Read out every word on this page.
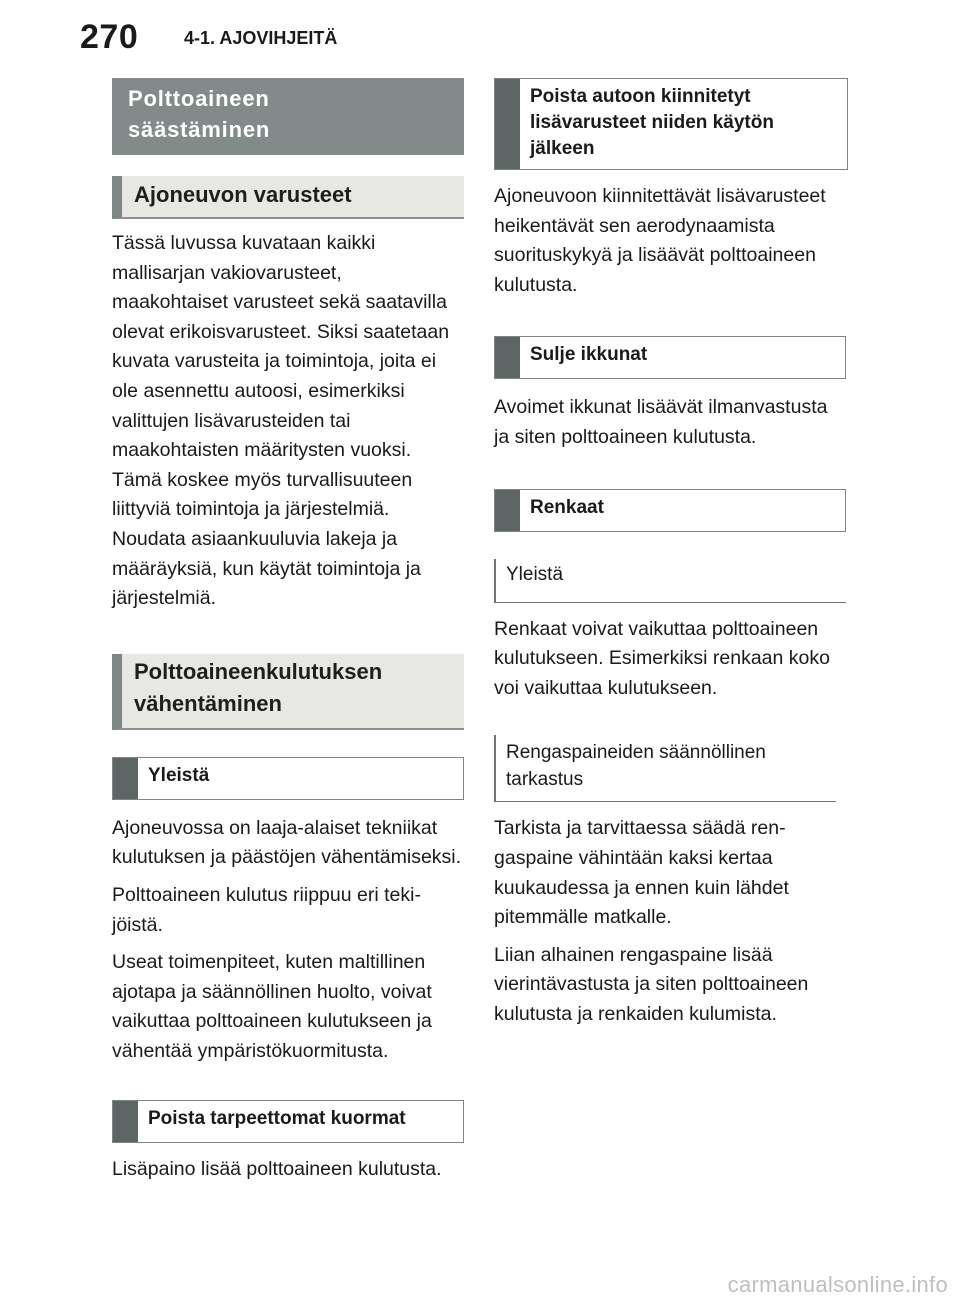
270	4-1. AJOVIHJEITÄ
Polttoaineen
säästäminen
Ajoneuvon varusteet

Tässä luvussa kuvataan kaikki mallisarjan vakiovarusteet, maakohtaiset varusteet sekä saatavilla olevat erikoisvarusteet. Siksi saatetaan kuvata varusteita ja toimintoja, joita ei ole asennettu autoosi, esimerkiksi valittujen lisävarusteiden tai maakohtaisten määritysten vuoksi. Tämä koskee myös turvallisuuteen liittyviä toimintoja ja järjestelmiä. Noudata asiaankuuluvia lakeja ja määräyksiä, kun käytät toimintoja ja järjestelmiä.

Polttoaineenkulutuksen
vähentäminen
Yleistä

Ajoneuvossa on laaja-alaiset tekniikat kulutuksen ja päästöjen vähentämiseksi.

Polttoaineen kulutus riippuu eri tekijöistä.

Useat toimenpiteet, kuten maltillinen ajotapa ja säännöllinen huolto, voivat vaikuttaa polttoaineen kulutukseen ja vähentää ympäristökuormitusta.

Poista tarpeettomat kuormat

Lisäpaino lisää polttoaineen kulutusta.

Poista autoon kiinnitetyt lisävarusteet niiden käytön jälkeen

Ajoneuvoon kiinnitettävät lisävarusteet heikentävät sen aerodynaamista suorituskykyä ja lisäävät polttoaineen kulutusta.

Sulje ikkunat

Avoimet ikkunat lisäävät ilmanvastusta ja siten polttoaineen kulutusta.

Renkaat
Yleistä

Renkaat voivat vaikuttaa polttoaineen kulutukseen. Esimerkiksi renkaan koko voi vaikuttaa kulutukseen.

Rengaspaineiden säännöllinen tarkastus

Tarkista ja tarvittaessa säädä rengaspaine vähintään kaksi kertaa kuukaudessa ja ennen kuin lähdet pitemmälle matkalle.

Liian alhainen rengaspaine lisää vierintävastusta ja siten polttoaineen kulutusta ja renkaiden kulumista.

carmanualsonline.info
